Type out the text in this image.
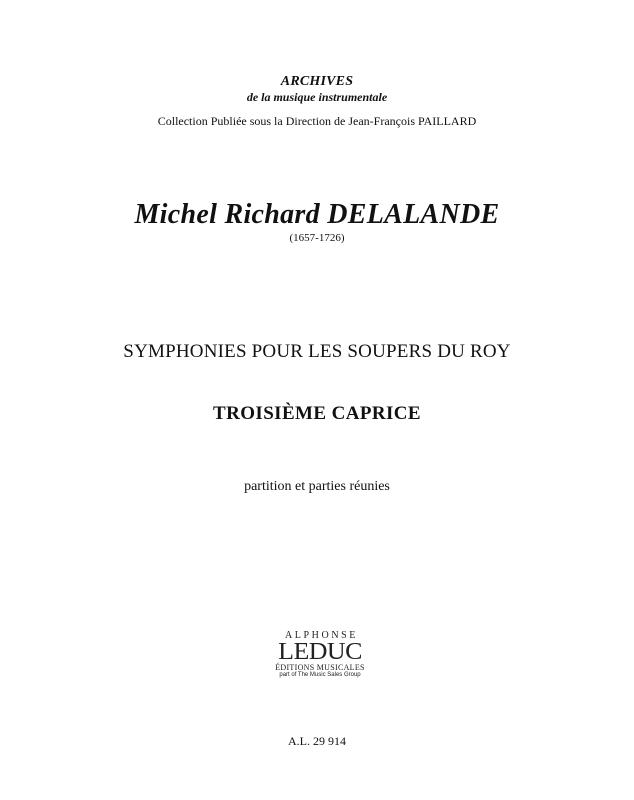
ARCHIVES
de la musique instrumentale
Collection Publiée sous la Direction de Jean-François PAILLARD
Michel Richard DELALANDE
(1657-1726)
SYMPHONIES POUR LES SOUPERS DU ROY
TROISIÈME CAPRICE
partition et parties réunies
ALPHONSE
LEDUC
ÉDITIONS MUSICALES
part of The Music Sales Group
A.L. 29 914
